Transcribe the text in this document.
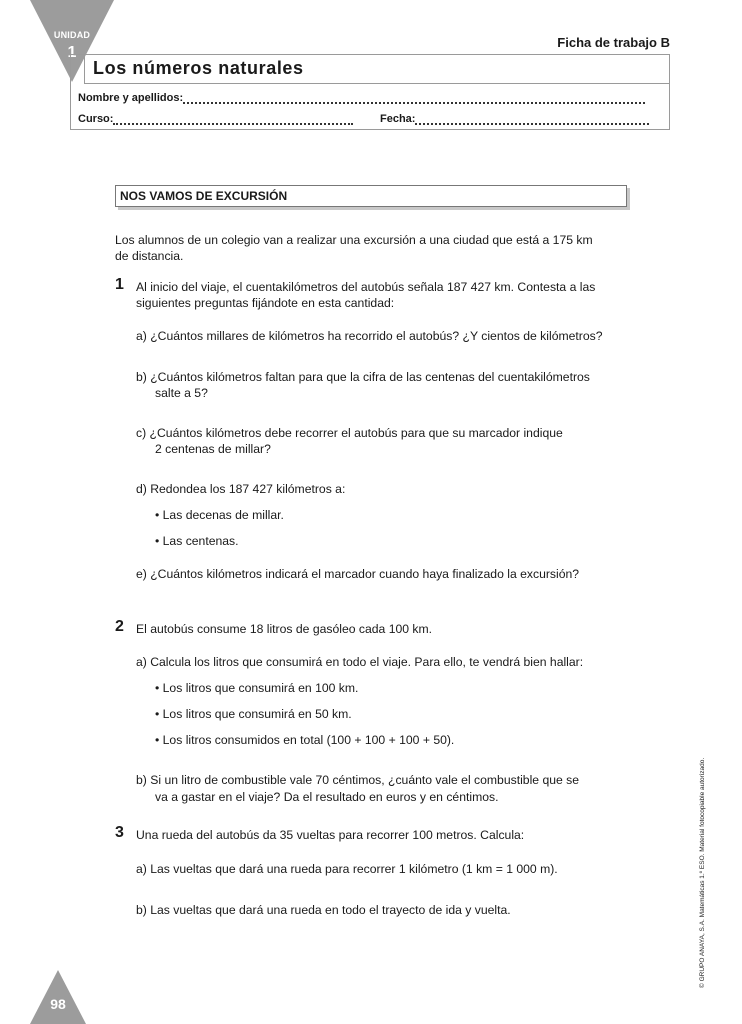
UNIDAD
1
Ficha de trabajo B
Los números naturales
Nombre y apellidos:
Curso:	Fecha:
NOS VAMOS DE EXCURSIÓN
Los alumnos de un colegio van a realizar una excursión a una ciudad que está a 175 km
de distancia.
1 Al inicio del viaje, el cuentakilómetros del autobús señala 187 427 km. Contesta a las
siguientes preguntas fijándote en esta cantidad:
a) ¿Cuántos millares de kilómetros ha recorrido el autobús? ¿Y cientos de kilómetros?
b) ¿Cuántos kilómetros faltan para que la cifra de las centenas del cuentakilómetros
salte a 5?
c) ¿Cuántos kilómetros debe recorrer el autobús para que su marcador indique
2 centenas de millar?
d) Redondea los 187 427 kilómetros a:
• Las decenas de millar.
• Las centenas.
e) ¿Cuántos kilómetros indicará el marcador cuando haya finalizado la excursión?
2 El autobús consume 18 litros de gasóleo cada 100 km.
a) Calcula los litros que consumirá en todo el viaje. Para ello, te vendrá bien hallar:
• Los litros que consumirá en 100 km.
• Los litros que consumirá en 50 km.
• Los litros consumidos en total (100 + 100 + 100 + 50).
b) Si un litro de combustible vale 70 céntimos, ¿cuánto vale el combustible que se
va a gastar en el viaje? Da el resultado en euros y en céntimos.
3 Una rueda del autobús da 35 vueltas para recorrer 100 metros. Calcula:
a) Las vueltas que dará una rueda para recorrer 1 kilómetro (1 km = 1 000 m).
b) Las vueltas que dará una rueda en todo el trayecto de ida y vuelta.
98
© GRUPO ANAYA, S.A. Matemáticas 1.º ESO. Material fotocopiable autorizado.
